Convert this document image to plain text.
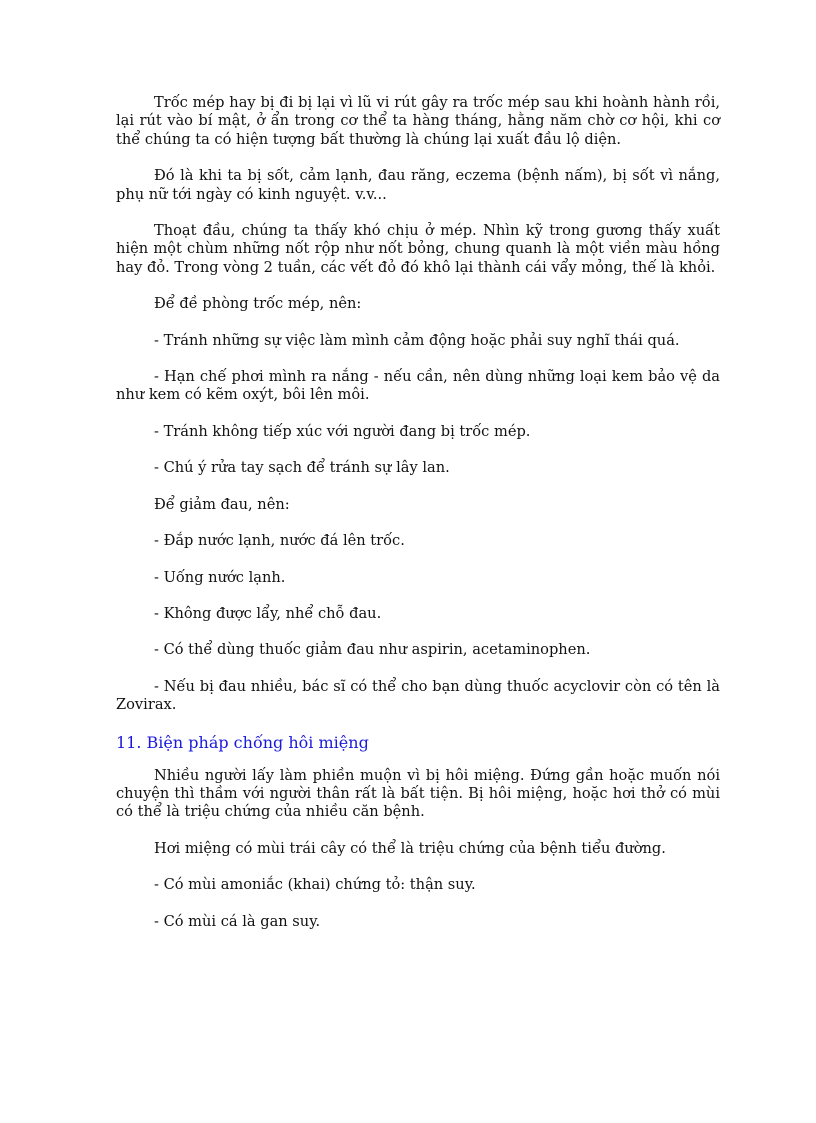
Trốc mép hay bị đi bị lại vì lũ vi rút gây ra trốc mép sau khi hoành hành rồi, lại rút vào bí mật, ở ẩn trong cơ thể ta hàng tháng, hằng năm chờ cơ hội, khi cơ thể chúng ta có hiện tượng bất thường là chúng lại xuất đầu lộ diện.

Đó là khi ta bị sốt, cảm lạnh, đau răng, eczema (bệnh nấm), bị sốt vì nắng, phụ nữ tới ngày có kinh nguyệt. v.v...

Thoạt đầu, chúng ta thấy khó chịu ở mép. Nhìn kỹ trong gương thấy xuất hiện một chùm những nốt rộp như nốt bỏng, chung quanh là một viền màu hồng hay đỏ. Trong vòng 2 tuần, các vết đỏ đó khô lại thành cái vẩy mỏng, thế là khỏi.

Để đề phòng trốc mép, nên:

- Tránh những sự việc làm mình cảm động hoặc phải suy nghĩ thái quá.

- Hạn chế phơi mình ra nắng - nếu cần, nên dùng những loại kem bảo vệ da như kem có kẽm oxýt, bôi lên môi.

- Tránh không tiếp xúc với người đang bị trốc mép.

- Chú ý rửa tay sạch để tránh sự lây lan.

Để giảm đau, nên:

- Đắp nước lạnh, nước đá lên trốc.

- Uống nước lạnh.

- Không được lẩy, nhể chỗ đau.

- Có thể dùng thuốc giảm đau như aspirin, acetaminophen.

- Nếu bị đau nhiều, bác sĩ có thể cho bạn dùng thuốc acyclovir còn có tên là Zovirax.

11. Biện pháp chống hôi miệng

Nhiều người lấy làm phiền muộn vì bị hôi miệng. Đứng gần hoặc muốn nói chuyện thì thầm với người thân rất là bất tiện. Bị hôi miệng, hoặc hơi thở có mùi có thể là triệu chứng của nhiều căn bệnh.

Hơi miệng có mùi trái cây có thể là triệu chứng của bệnh tiểu đường.

- Có mùi amoniắc (khai) chứng tỏ: thận suy.

- Có mùi cá là gan suy.
